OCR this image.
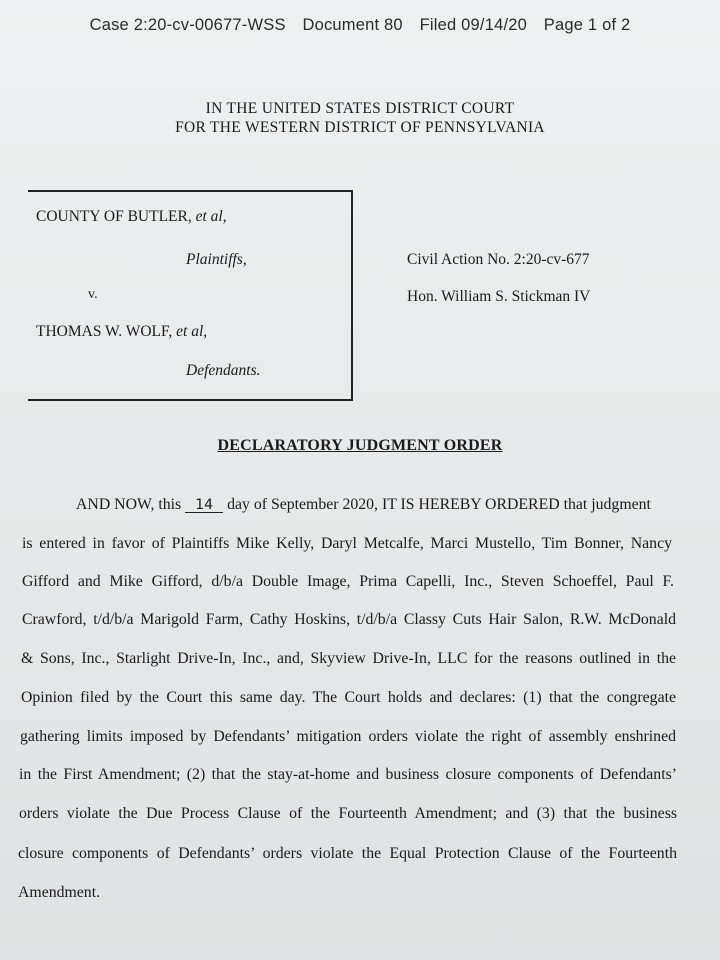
Case 2:20-cv-00677-WSS Document 80 Filed 09/14/20 Page 1 of 2
IN THE UNITED STATES DISTRICT COURT
FOR THE WESTERN DISTRICT OF PENNSYLVANIA
COUNTY OF BUTLER, et al,
Plaintiffs,
v.
THOMAS W. WOLF, et al,
Defendants.
Civil Action No. 2:20-cv-677
Hon. William S. Stickman IV
DECLARATORY JUDGMENT ORDER
AND NOW, this 14 day of September 2020, IT IS HEREBY ORDERED that judgment
is entered in favor of Plaintiffs Mike Kelly, Daryl Metcalfe, Marci Mustello, Tim Bonner, Nancy
Gifford and Mike Gifford, d/b/a Double Image, Prima Capelli, Inc., Steven Schoeffel, Paul F.
Crawford, t/d/b/a Marigold Farm, Cathy Hoskins, t/d/b/a Classy Cuts Hair Salon, R.W. McDonald
& Sons, Inc., Starlight Drive-In, Inc., and, Skyview Drive-In, LLC for the reasons outlined in the
Opinion filed by the Court this same day. The Court holds and declares: (1) that the congregate
gathering limits imposed by Defendants’ mitigation orders violate the right of assembly enshrined
in the First Amendment; (2) that the stay-at-home and business closure components of Defendants’
orders violate the Due Process Clause of the Fourteenth Amendment; and (3) that the business
closure components of Defendants’ orders violate the Equal Protection Clause of the Fourteenth
Amendment.
